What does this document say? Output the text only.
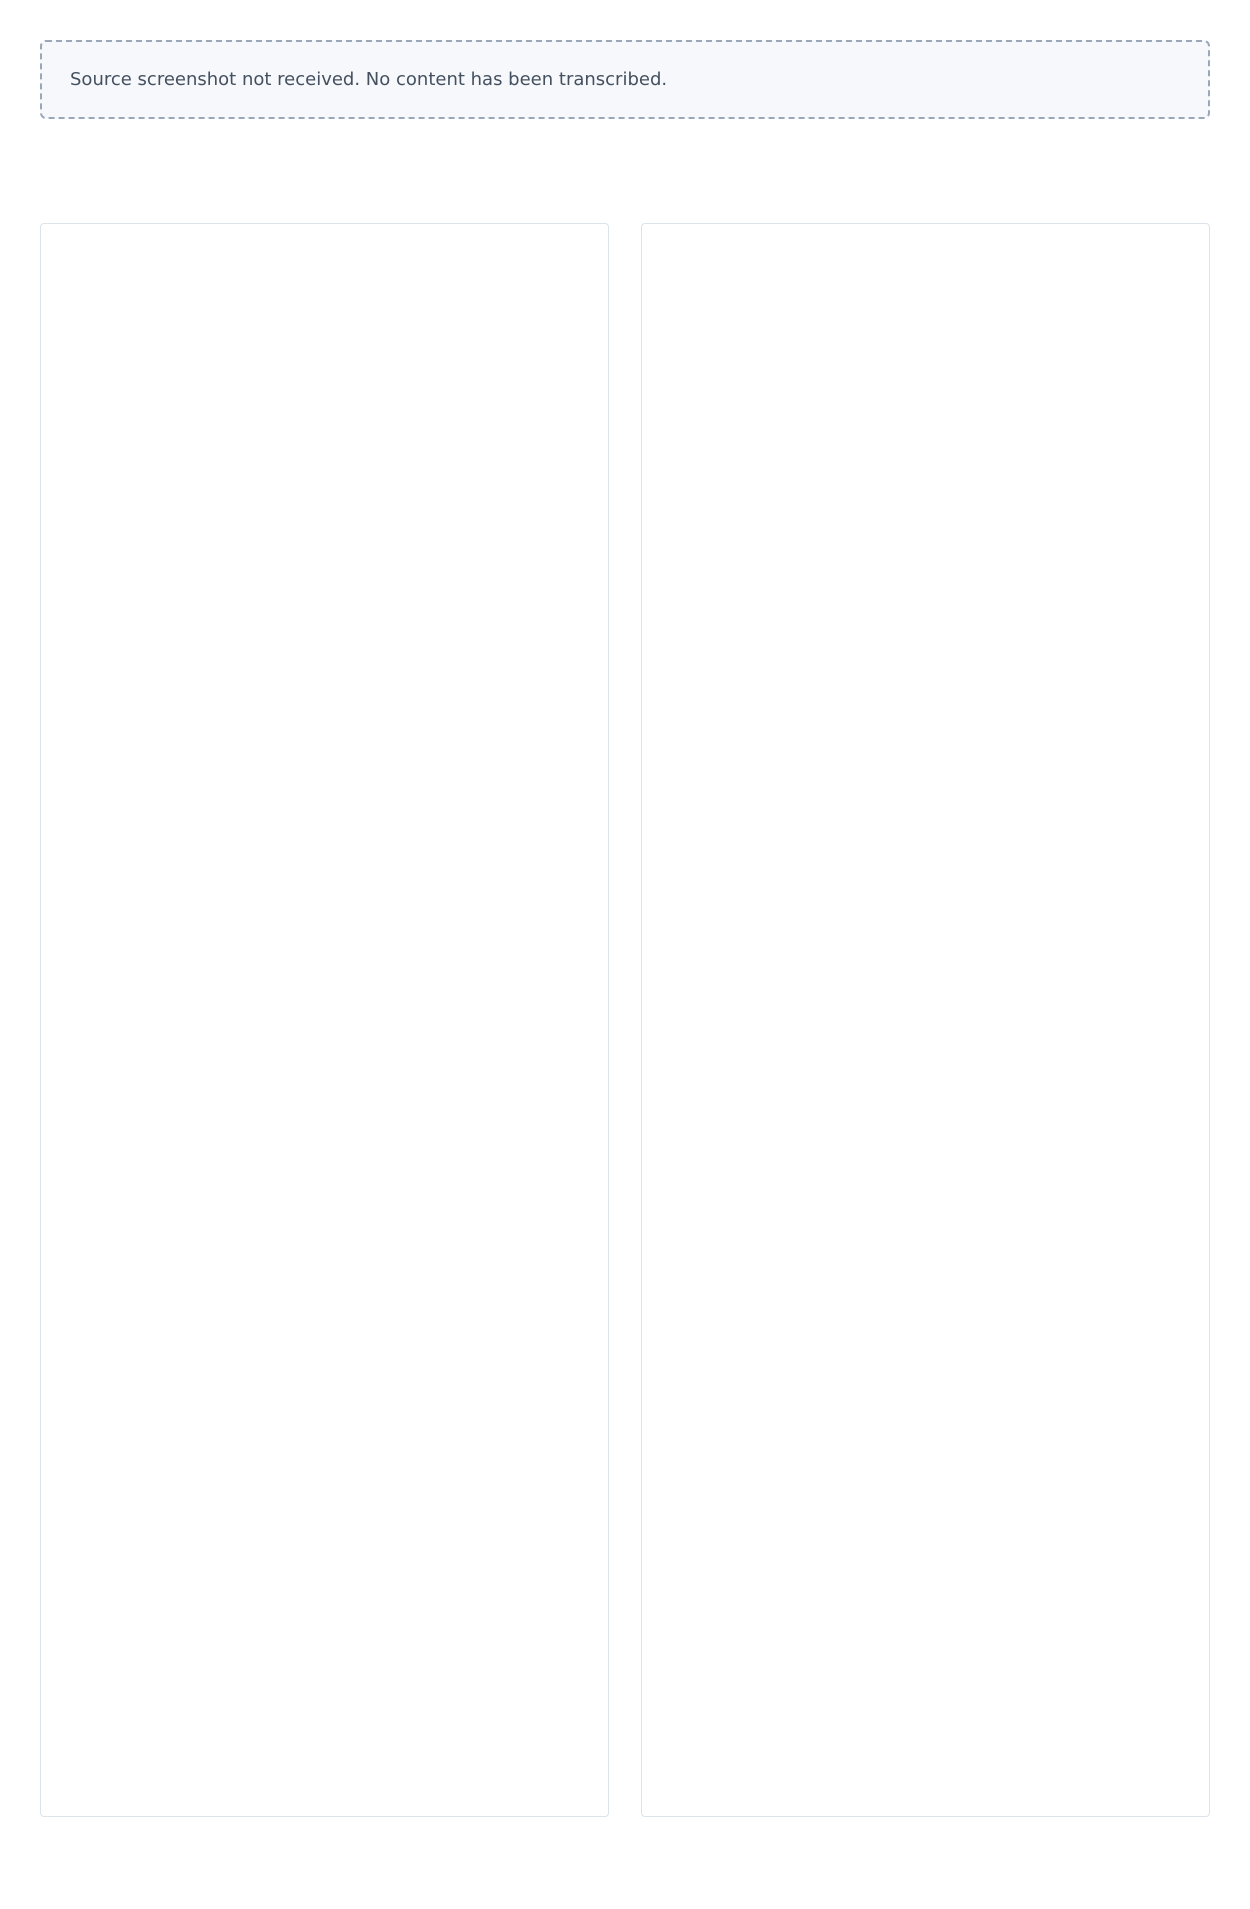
Source screenshot not received. No content has been transcribed.
